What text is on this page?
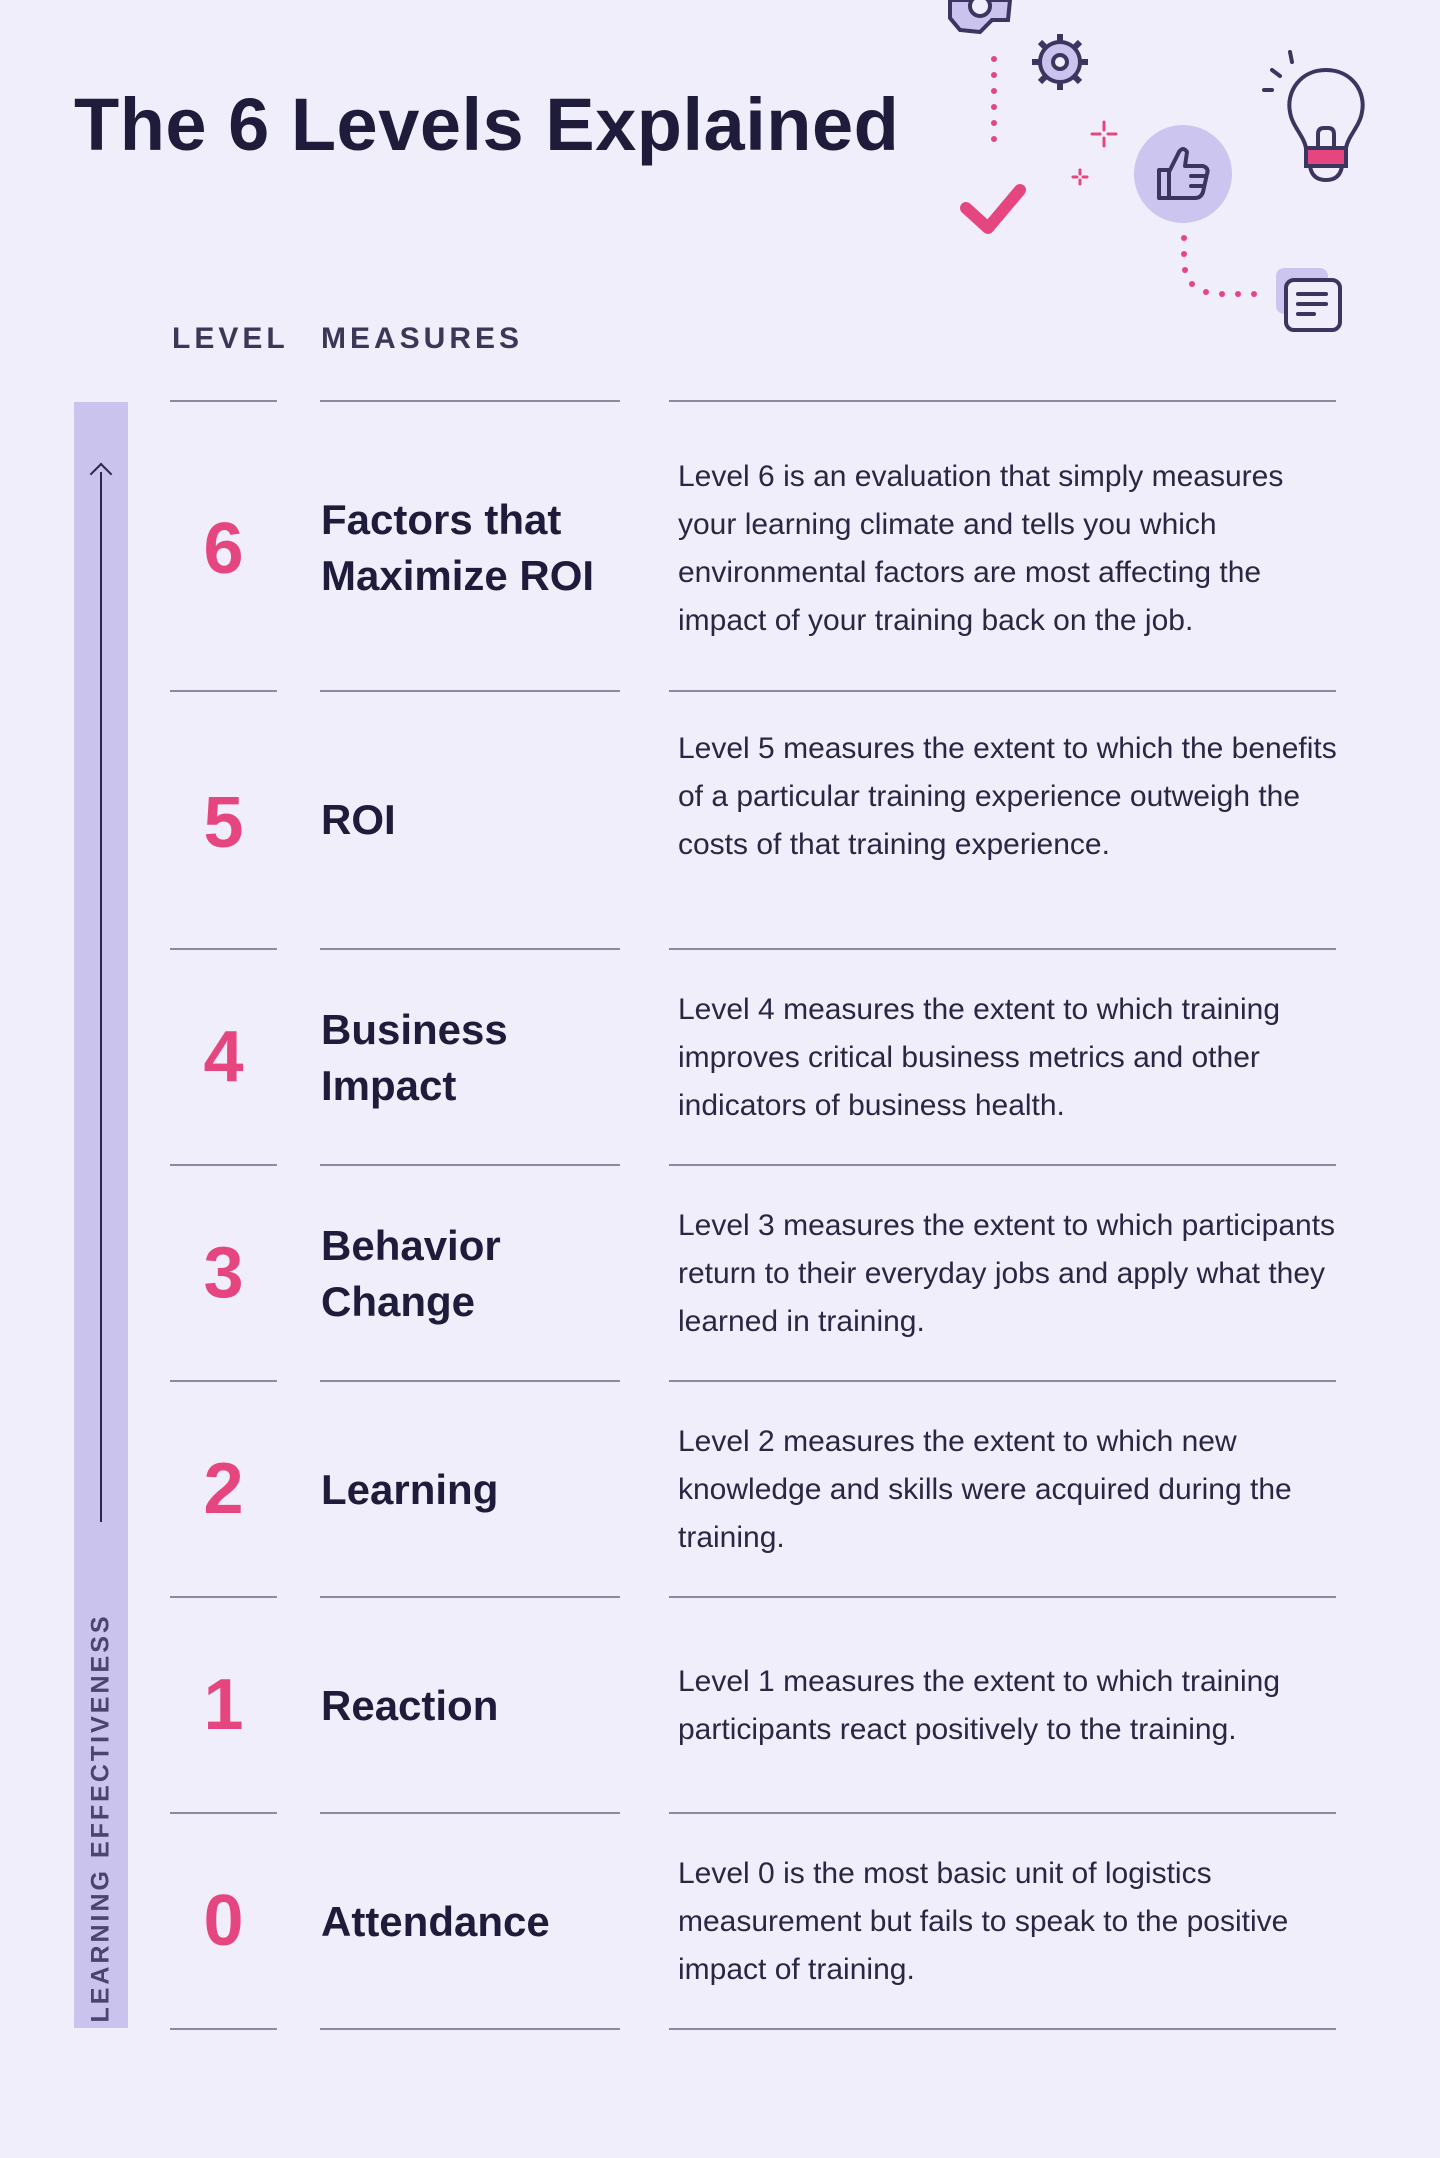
The 6 Levels Explained
LEVEL MEASURES
LEARNING EFFECTIVENESS
6	Factors that Maximize ROI
Level 6 is an evaluation that simply measures your learning climate and tells you which environmental factors are most affecting the impact of your training back on the job.
5	ROI
Level 5 measures the extent to which the benefits of a particular training experience outweigh the costs of that training experience.
4	Business Impact
Level 4 measures the extent to which training improves critical business metrics and other indicators of business health.
3	Behavior Change
Level 3 measures the extent to which participants return to their everyday jobs and apply what they learned in training.
2	Learning
Level 2 measures the extent to which new knowledge and skills were acquired during the training.
1	Reaction
Level 1 measures the extent to which training participants react positively to the training.
0	Attendance
Level 0 is the most basic unit of logistics measurement but fails to speak to the positive impact of training.
